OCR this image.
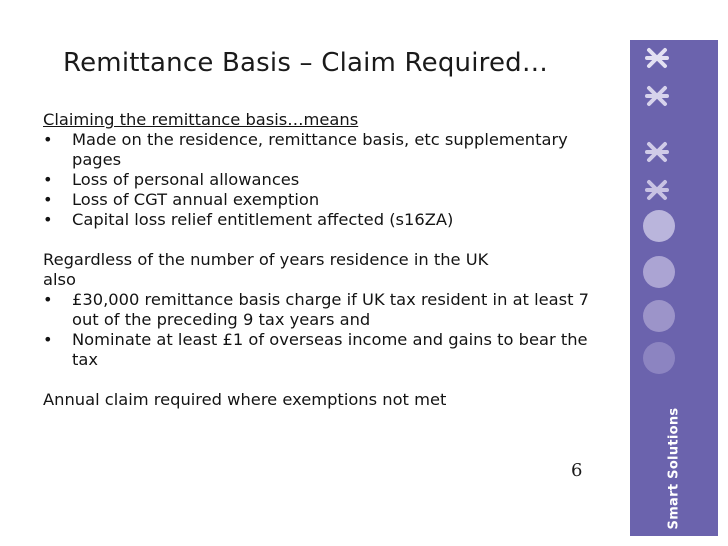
Remittance Basis – Claim Required…

Claiming the remittance basis…means

• Made on the residence, remittance basis, etc supplementary pages
• Loss of personal allowances
• Loss of CGT annual exemption
• Capital loss relief entitlement affected (s16ZA)

Regardless of the number of years residence in the UK

also

• £30,000 remittance basis charge if UK tax resident in at least 7 out of the preceding 9 tax years and
• Nominate at least £1 of overseas income and gains to bear the tax

Annual claim required where exemptions not met

6	Smart Solutions
